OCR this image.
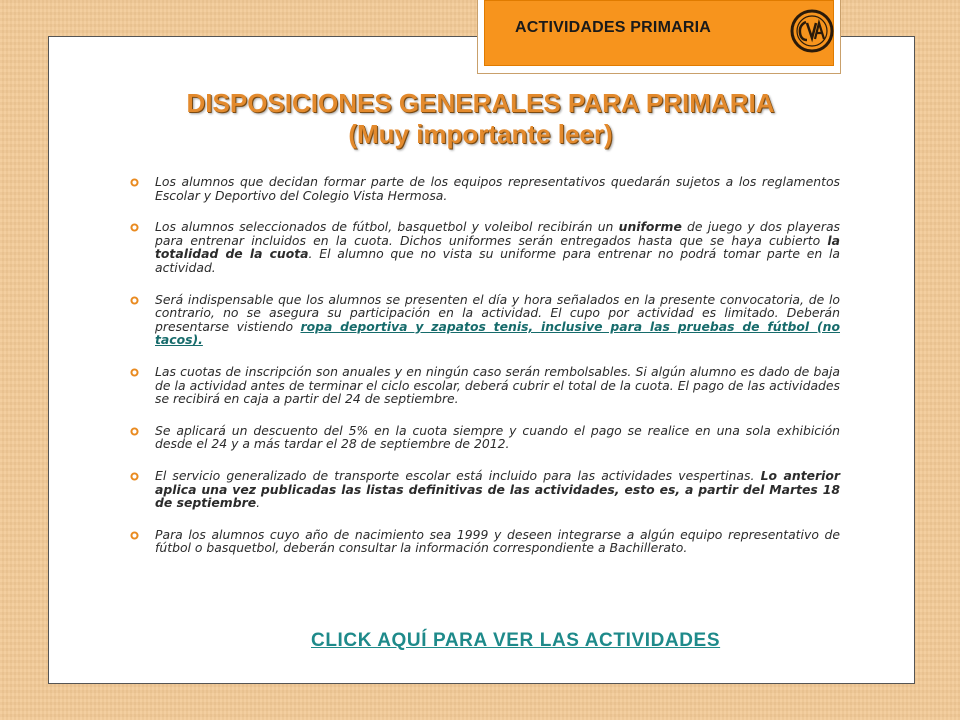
ACTIVIDADES PRIMARIA
DISPOSICIONES GENERALES PARA PRIMARIA
(Muy importante leer)
Los alumnos que decidan formar parte de los equipos representativos quedarán sujetos a los reglamentos Escolar y Deportivo del Colegio Vista Hermosa.
Los alumnos seleccionados de fútbol, basquetbol y voleibol recibirán un uniforme de juego y dos playeras para entrenar incluidos en la cuota. Dichos uniformes serán entregados hasta que se haya cubierto la totalidad de la cuota. El alumno que no vista su uniforme para entrenar no podrá tomar parte en la actividad.
Será indispensable que los alumnos se presenten el día y hora señalados en la presente convocatoria, de lo contrario, no se asegura su participación en la actividad. El cupo por actividad es limitado. Deberán presentarse vistiendo ropa deportiva y zapatos tenis, inclusive para las pruebas de fútbol (no tacos).
Las cuotas de inscripción son anuales y en ningún caso serán rembolsables. Si algún alumno es dado de baja de la actividad antes de terminar el ciclo escolar, deberá cubrir el total de la cuota. El pago de las actividades se recibirá en caja a partir del 24 de septiembre.
Se aplicará un descuento del 5% en la cuota siempre y cuando el pago se realice en una sola exhibición desde el 24 y a más tardar el 28 de septiembre de 2012.
El servicio generalizado de transporte escolar está incluido para las actividades vespertinas. Lo anterior aplica una vez publicadas las listas definitivas de las actividades, esto es, a partir del Martes 18 de septiembre.
Para los alumnos cuyo año de nacimiento sea 1999 y deseen integrarse a algún equipo representativo de fútbol o basquetbol, deberán consultar la información correspondiente a Bachillerato.
CLICK AQUÍ PARA VER LAS ACTIVIDADES
